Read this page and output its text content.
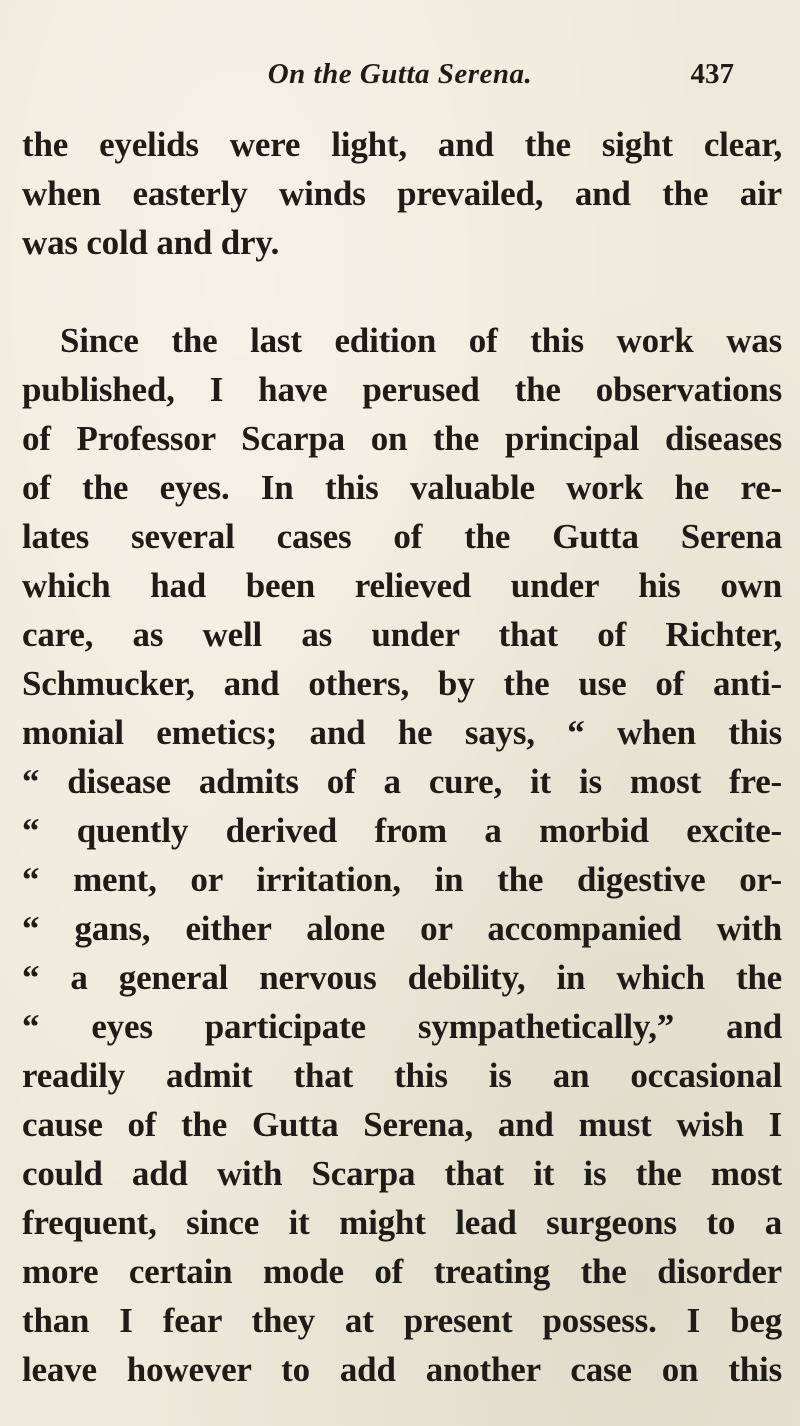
On the Gutta Serena.	437
the eyelids were light, and the sight clear,
when easterly winds prevailed, and the air
was cold and dry.
Since the last edition of this work was
published, I have perused the observations
of Professor Scarpa on the principal diseases
of the eyes. In this valuable work he re-
lates several cases of the Gutta Serena
which had been relieved under his own
care, as well as under that of Richter,
Schmucker, and others, by the use of anti-
monial emetics; and he says, “ when this
“ disease admits of a cure, it is most fre-
“ quently derived from a morbid excite-
“ ment, or irritation, in the digestive or-
“ gans, either alone or accompanied with
“ a general nervous debility, in which the
“ eyes participate sympathetically,” and
readily admit that this is an occasional
cause of the Gutta Serena, and must wish I
could add with Scarpa that it is the most
frequent, since it might lead surgeons to a
more certain mode of treating the disorder
than I fear they at present possess. I beg
leave however to add another case on this
